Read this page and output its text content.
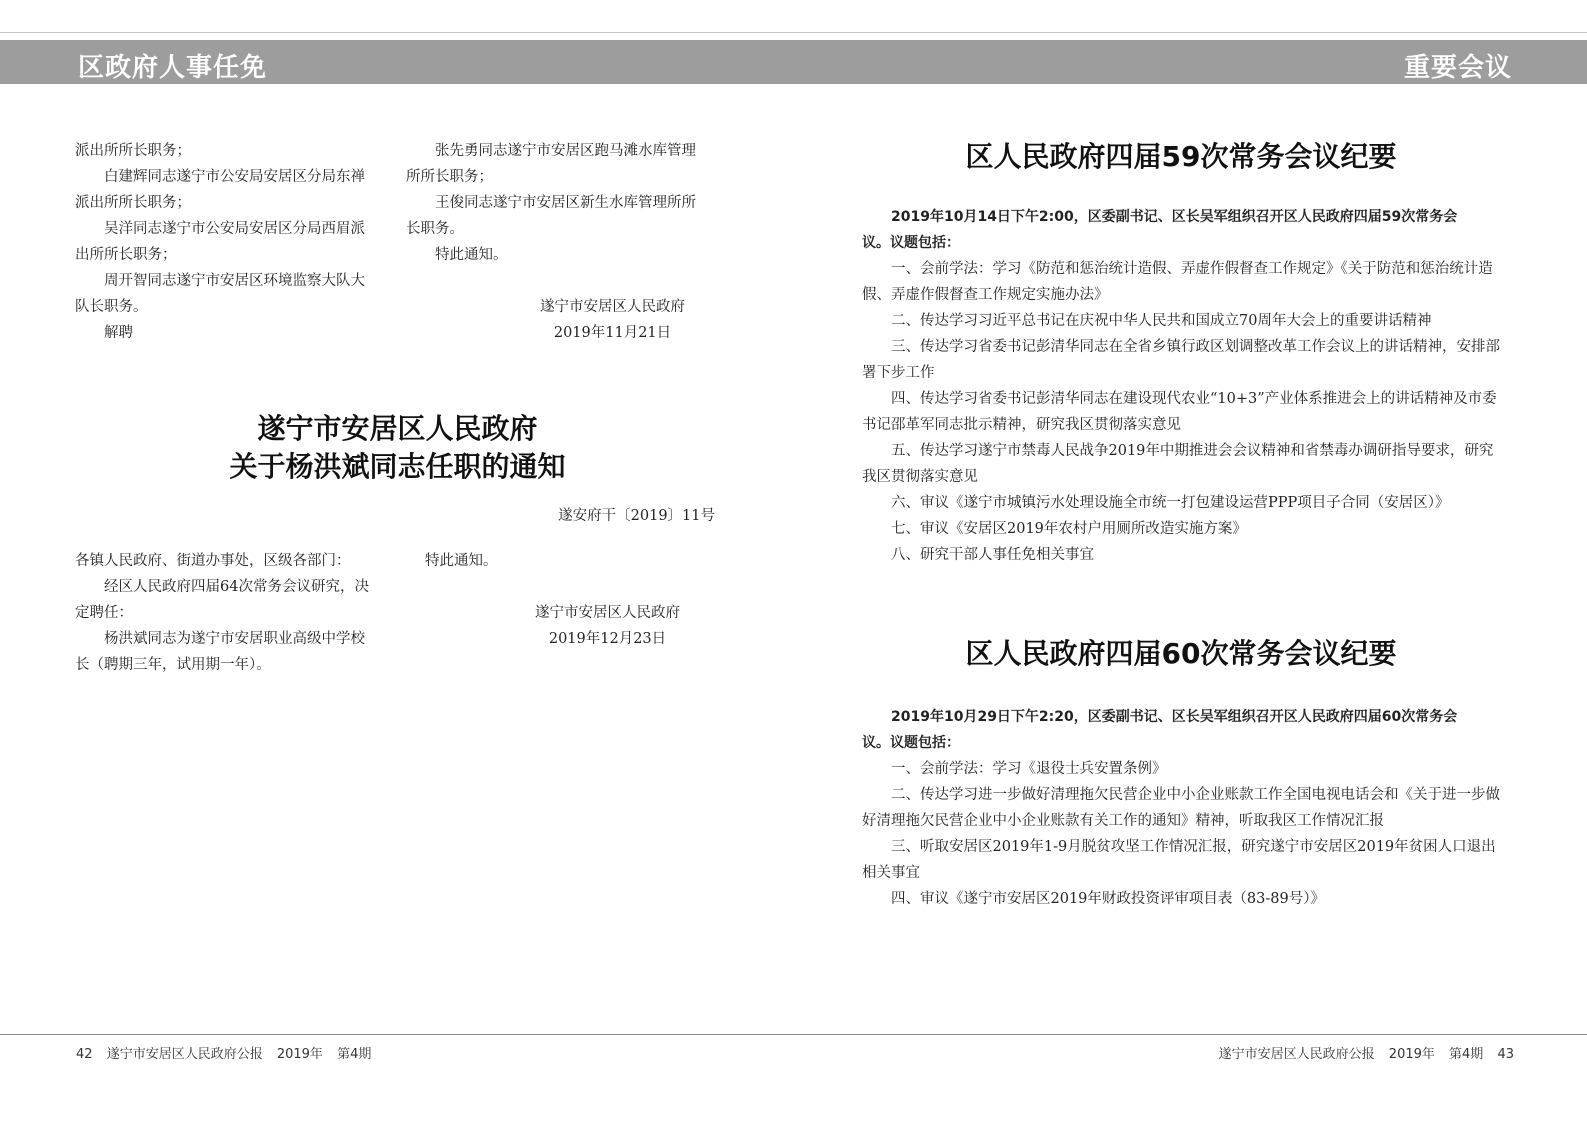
区政府人事任免	重要会议

派出所所长职务；

白建辉同志遂宁市公安局安居区分局东禅

派出所所长职务；

吴洋同志遂宁市公安局安居区分局西眉派

出所所长职务；

周开智同志遂宁市安居区环境监察大队大

队长职务。

解聘

张先勇同志遂宁市安居区跑马滩水库管理

所所长职务；

王俊同志遂宁市安居区新生水库管理所所

长职务。

特此通知。

遂宁市安居区人民政府

2019年11月21日

遂宁市安居区人民政府
关于杨洪斌同志任职的通知
遂安府干〔2019〕11号

各镇人民政府、街道办事处，区级各部门：

经区人民政府四届64次常务会议研究，决

定聘任：

杨洪斌同志为遂宁市安居职业高级中学校

长（聘期三年，试用期一年）。

特此通知。

遂宁市安居区人民政府

2019年12月23日

区人民政府四届59次常务会议纪要

2019年10月14日下午2:00，区委副书记、区长吴军组织召开区人民政府四届59次常务会

议。议题包括：

一、会前学法：学习《防范和惩治统计造假、弄虚作假督查工作规定》《关于防范和惩治统计造假、弄虚作假督查工作规定实施办法》

二、传达学习习近平总书记在庆祝中华人民共和国成立70周年大会上的重要讲话精神

三、传达学习省委书记彭清华同志在全省乡镇行政区划调整改革工作会议上的讲话精神，安排部署下步工作

四、传达学习省委书记彭清华同志在建设现代农业“10+3”产业体系推进会上的讲话精神及市委书记邵革军同志批示精神，研究我区贯彻落实意见

五、传达学习遂宁市禁毒人民战争2019年中期推进会会议精神和省禁毒办调研指导要求，研究我区贯彻落实意见

六、审议《遂宁市城镇污水处理设施全市统一打包建设运营PPP项目子合同（安居区）》

七、审议《安居区2019年农村户用厕所改造实施方案》

八、研究干部人事任免相关事宜

区人民政府四届60次常务会议纪要

2019年10月29日下午2:20，区委副书记、区长吴军组织召开区人民政府四届60次常务会

议。议题包括：

一、会前学法：学习《退役士兵安置条例》

二、传达学习进一步做好清理拖欠民营企业中小企业账款工作全国电视电话会和《关于进一步做好清理拖欠民营企业中小企业账款有关工作的通知》精神，听取我区工作情况汇报

三、听取安居区2019年1-9月脱贫攻坚工作情况汇报，研究遂宁市安居区2019年贫困人口退出相关事宜

四、审议《遂宁市安居区2019年财政投资评审项目表（83-89号）》

42 遂宁市安居区人民政府公报 2019年 第4期	遂宁市安居区人民政府公报 2019年 第4期 43
